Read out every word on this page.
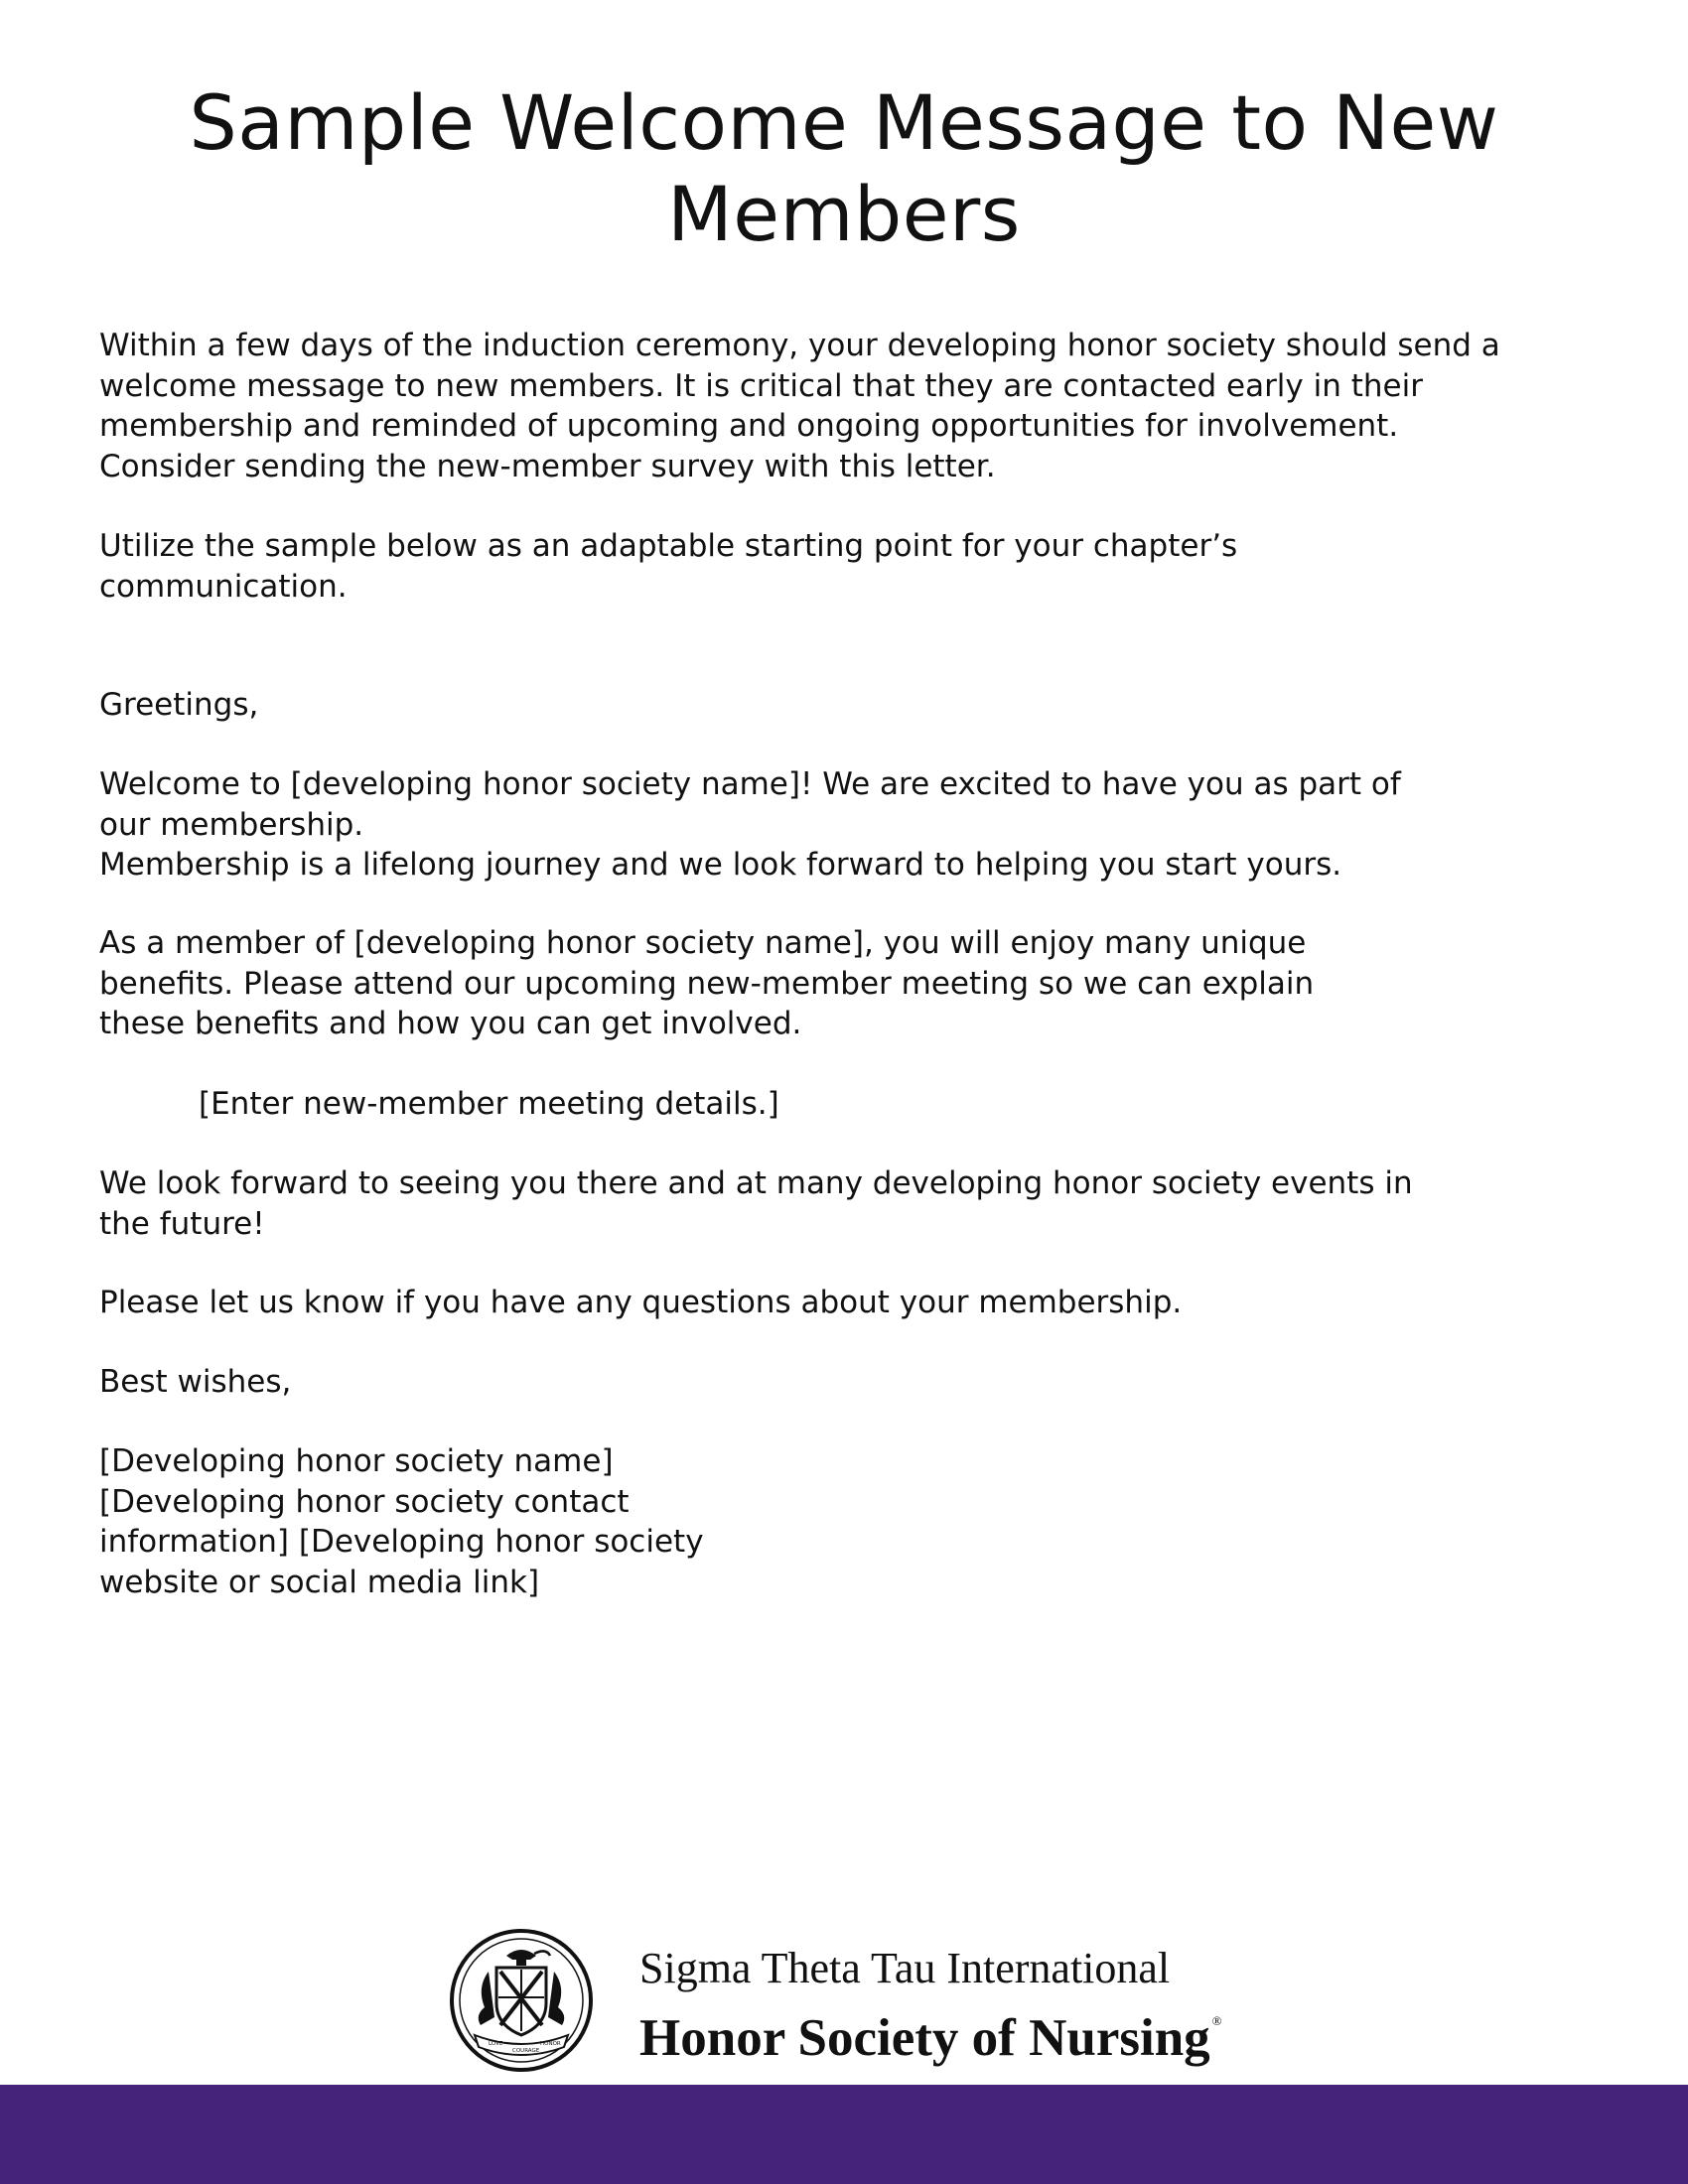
Sample Welcome Message to New Members

Within a few days of the induction ceremony, your developing honor society should send a
welcome message to new members. It is critical that they are contacted early in their
membership and reminded of upcoming and ongoing opportunities for involvement.
Consider sending the new-member survey with this letter.

Utilize the sample below as an adaptable starting point for your chapter’s
communication.

Greetings,

Welcome to [developing honor society name]! We are excited to have you as part of
our membership.
Membership is a lifelong journey and we look forward to helping you start yours.

As a member of [developing honor society name], you will enjoy many unique
benefits. Please attend our upcoming new-member meeting so we can explain
these benefits and how you can get involved.

[Enter new-member meeting details.]

We look forward to seeing you there and at many developing honor society events in
the future!

Please let us know if you have any questions about your membership.

Best wishes,

[Developing honor society name]
[Developing honor society contact
information] [Developing honor society
website or social media link]

LOVE
COURAGE
HONOR
Sigma Theta Tau International
Honor Society of Nursing ®
